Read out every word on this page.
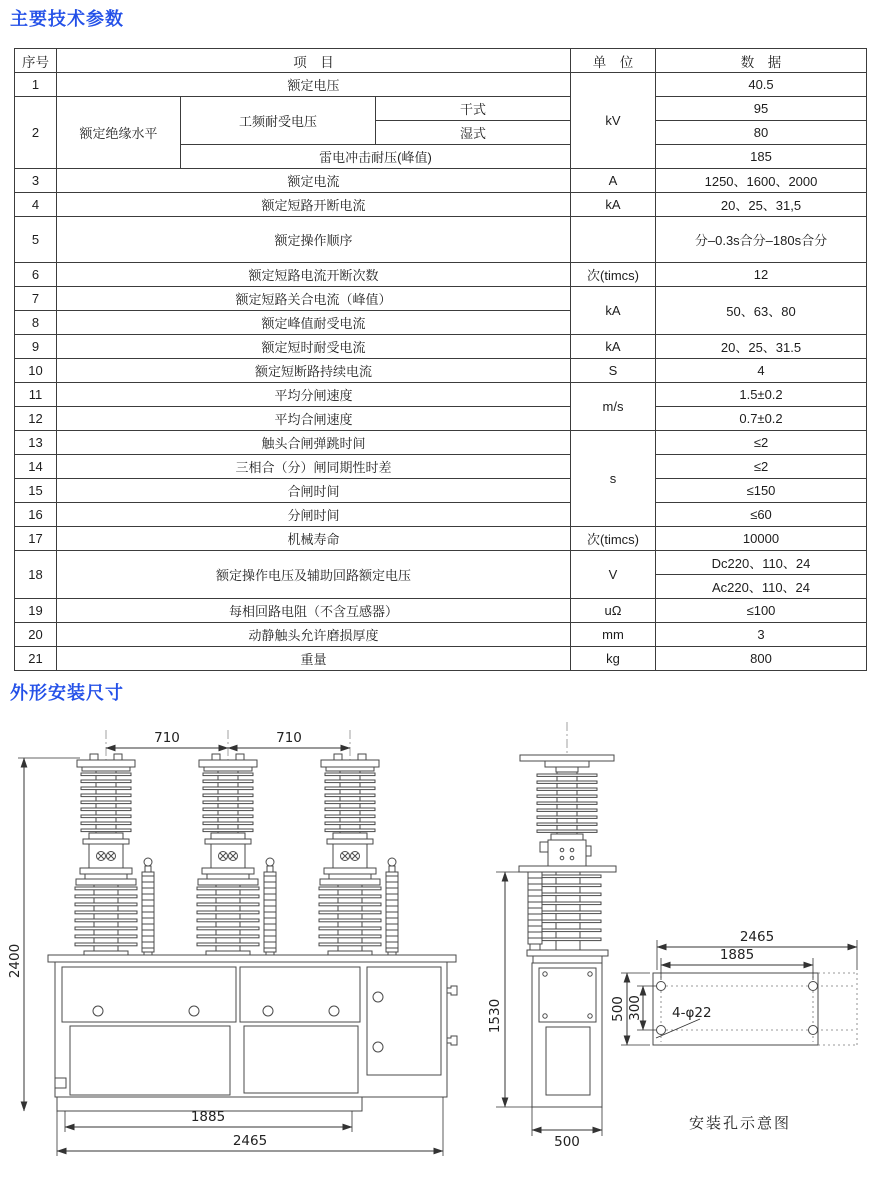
主要技术参数
序号	项　目			单　位	数　据
1	额定电压			kV	40.5
2	额定绝缘水平	工频耐受电压	干式		95
			湿式		80
		雷电冲击耐压(峰值)			185
3	额定电流			A	1250、1600、2000
4	额定短路开断电流			kA	20、25、31,5
5	额定操作顺序				分–0.3s合分–180s合分
6	额定短路电流开断次数			次(timcs)	12
7	额定短路关合电流（峰值）			kA	50、63、80
8	额定峰值耐受电流				
9	额定短时耐受电流			kA	20、25、31.5
10	额定短断路持续电流			S	4
11	平均分闸速度			m/s	1.5±0.2
12	平均合闸速度				0.7±0.2
13	触头合闸弹跳时间			s	≤2
14	三相合（分）闸同期性时差				≤2
15	合闸时间				≤150
16	分闸时间				≤60
17	机械寿命			次(timcs)	10000
18	额定操作电压及辅助回路额定电压			V	Dc220、110、24
					Ac220、110、24
19	每相回路电阻（不含互感器）			uΩ	≤100
20	动静触头允许磨损厚度			mm	3
21	重量			kg	800
外形安装尺寸
710	710
2400
1885
2465
1530
500
2465
1885
500 300 4-φ22
安装孔示意图
